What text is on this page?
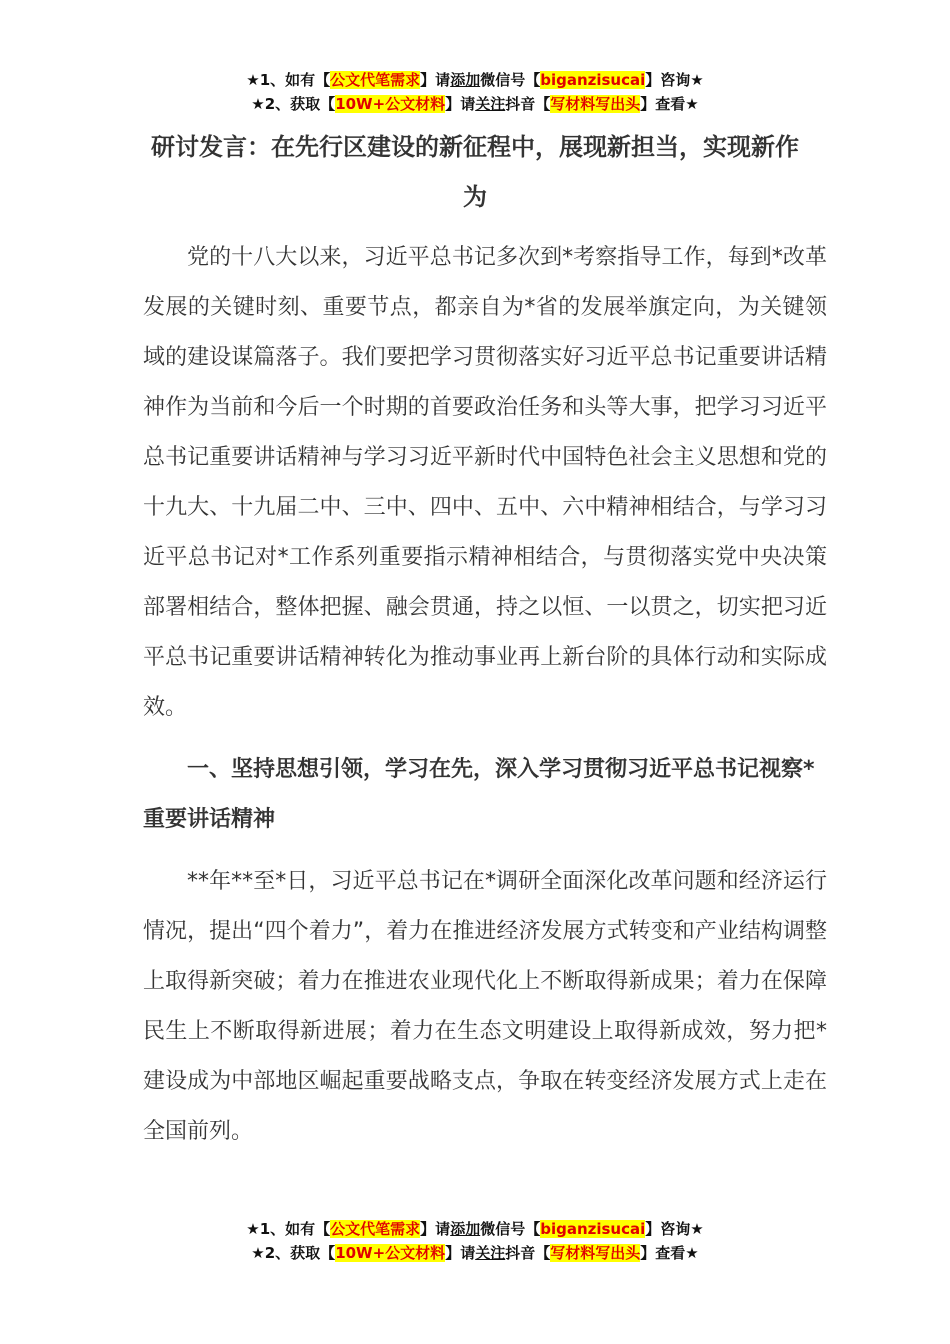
★1、如有【公文代笔需求】请添加微信号【biganzisucai】咨询★
★2、获取【10W+公文材料】请关注抖音【写材料写出头】查看★
研讨发言：在先行区建设的新征程中，展现新担当，实现新作为

党的十八大以来，习近平总书记多次到*考察指导工作，每到*改革发展的关键时刻、重要节点，都亲自为*省的发展举旗定向，为关键领域的建设谋篇落子。我们要把学习贯彻落实好习近平总书记重要讲话精神作为当前和今后一个时期的首要政治任务和头等大事，把学习习近平总书记重要讲话精神与学习习近平新时代中国特色社会主义思想和党的十九大、十九届二中、三中、四中、五中、六中精神相结合，与学习习近平总书记对*工作系列重要指示精神相结合，与贯彻落实党中央决策部署相结合，整体把握、融会贯通，持之以恒、一以贯之，切实把习近平总书记重要讲话精神转化为推动事业再上新台阶的具体行动和实际成效。

一、坚持思想引领，学习在先，深入学习贯彻习近平总书记视察*重要讲话精神

**年**至*日，习近平总书记在*调研全面深化改革问题和经济运行情况，提出“四个着力”，着力在推进经济发展方式转变和产业结构调整上取得新突破；着力在推进农业现代化上不断取得新成果；着力在保障民生上不断取得新进展；着力在生态文明建设上取得新成效，努力把*建设成为中部地区崛起重要战略支点，争取在转变经济发展方式上走在全国前列。

★1、如有【公文代笔需求】请添加微信号【biganzisucai】咨询★
★2、获取【10W+公文材料】请关注抖音【写材料写出头】查看★
